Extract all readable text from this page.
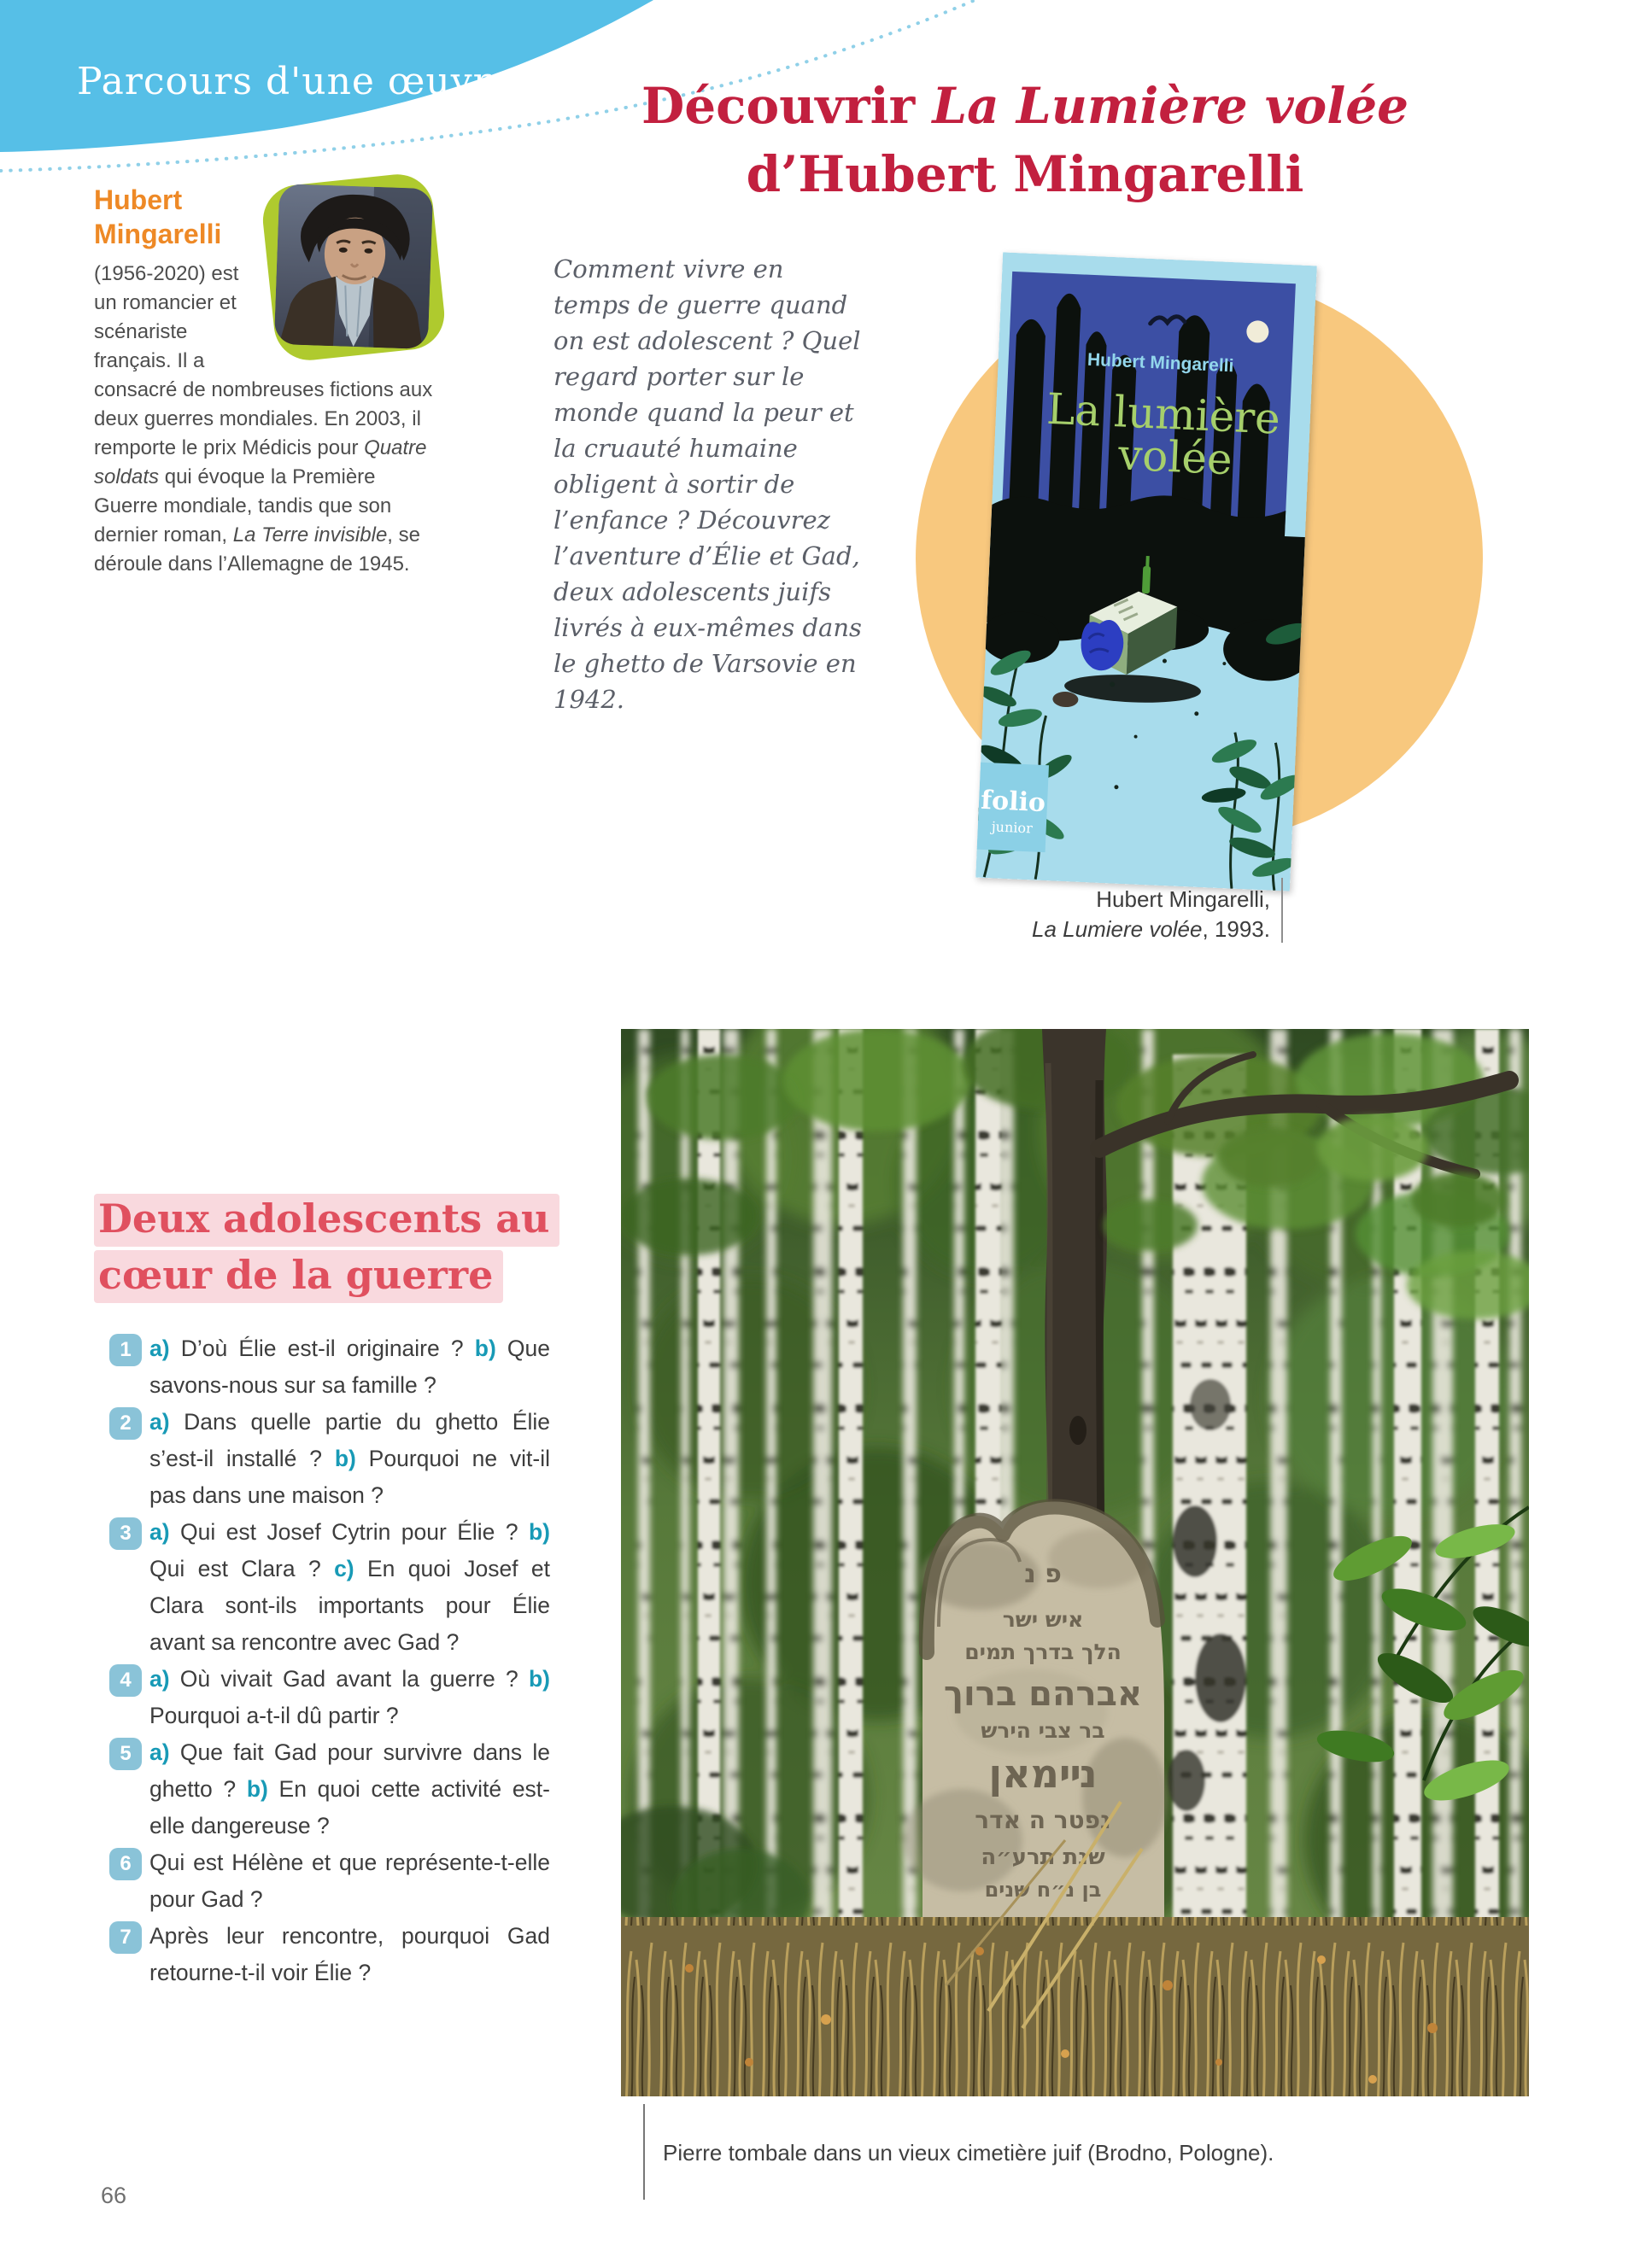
Parcours d'une œuvre	Découvrir La Lumière volée
d’Hubert Mingarelli
Hubert Mingarelli

(1956-2020) est un romancier et scénariste français. Il a consacré de nombreuses fictions aux deux guerres mondiales. En 2003, il remporte le prix Médicis pour Quatre soldats qui évoque la Première Guerre mondiale, tandis que son dernier roman, La Terre invisible, se déroule dans l’Allemagne de 1945.

Comment vivre en temps de guerre quand on est adolescent ? Quel regard porter sur le monde quand la peur et la cruauté humaine obligent à sortir de l’enfance ? Découvrez l’aventure d’Élie et Gad, deux adolescents juifs livrés à eux-mêmes dans le ghetto de Varsovie en 1942.

Hubert Mingarelli
La lumière
volée
folio
junior

Hubert Mingarelli,
La Lumiere volée, 1993.

Deux adolescents au
cœur de la guerre
1 a) D’où Élie est-il originaire ? b) Que savons-nous sur sa famille ?

2 a) Dans quelle partie du ghetto Élie s’est-il installé ? b) Pourquoi ne vit-il pas dans une maison ?

3 a) Qui est Josef Cytrin pour Élie ? b) Qui est Clara ? c) En quoi Josef et Clara sont-ils importants pour Élie avant sa rencontre avec Gad ?

4 a) Où vivait Gad avant la guerre ? b) Pourquoi a-t-il dû partir ?

5 a) Que fait Gad pour survivre dans le ghetto ? b) En quoi cette activité est-elle dangereuse ?

6 Qui est Hélène et que représente-t-elle pour Gad ?

7 Après leur rencontre, pourquoi Gad retourne-t-il voir Élie ?

פ נ
איש ישר
הלך בדרך תמים
אברהם ברוך
בר צבי הירש
נײמאן
נפטר ה אדר
שנת תרע״ה
בן נ״ח שנים

Pierre tombale dans un vieux cimetière juif (Brodno, Pologne).

66
